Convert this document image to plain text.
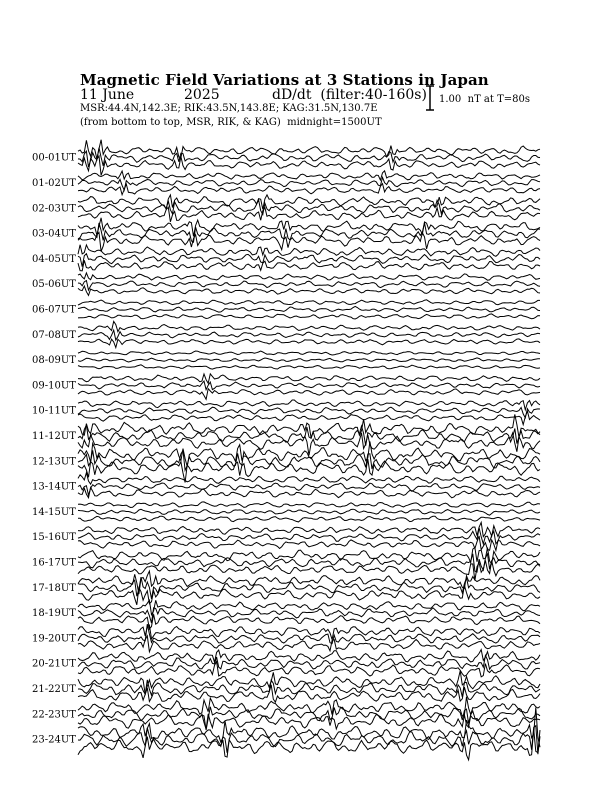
Magnetic Field Variations at 3 Stations in Japan
11 June	2025	dD/dt  (filter:40-160s)
MSR:44.4N,142.3E; RIK:43.5N,143.8E; KAG:31.5N,130.7E
(from bottom to top, MSR, RIK, & KAG)  midnight=1500UT
1.00  nT at T=80s
00-01UT
01-02UT
02-03UT
03-04UT
04-05UT
05-06UT
06-07UT
07-08UT
08-09UT
09-10UT
10-11UT
11-12UT
12-13UT
13-14UT
14-15UT
15-16UT
16-17UT
17-18UT
18-19UT
19-20UT
20-21UT
21-22UT
22-23UT
23-24UT
